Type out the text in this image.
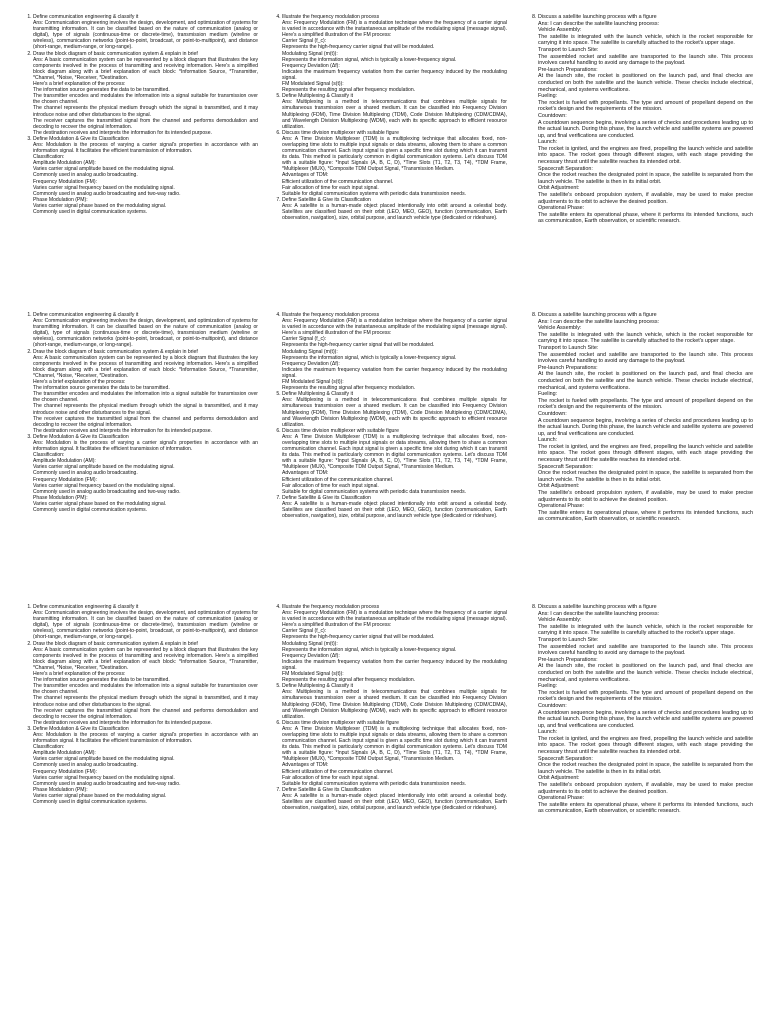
1. Define communication engineering & classify it

Ans: Communication engineering involves the design, development, and optimization of systems for transmitting information. It can be classified based on the nature of communication (analog or digital), type of signals (continuous-time or discrete-time), transmission medium (wireline or wireless), communication networks (point-to-point, broadcast, or point-to-multipoint), and distance (short-range, medium-range, or long-range).

2. Draw the block diagram of basic communication system & explain in brief

Ans: A basic communication system can be represented by a block diagram that illustrates the key components involved in the process of transmitting and receiving information. Here's a simplified block diagram along with a brief explanation of each block: *Information Source, *Transmitter, *Channel, *Noise, *Receiver, *Destination.

Here's a brief explanation of the process:

The information source generates the data to be transmitted.

The transmitter encodes and modulates the information into a signal suitable for transmission over the chosen channel.

The channel represents the physical medium through which the signal is transmitted, and it may introduce noise and other disturbances to the signal.

The receiver captures the transmitted signal from the channel and performs demodulation and decoding to recover the original information.

The destination receives and interprets the information for its intended purpose.

3. Define Modulation & Give its Classification

Ans: Modulation is the process of varying a carrier signal's properties in accordance with an information signal. It facilitates the efficient transmission of information.

Classification:

Amplitude Modulation (AM):

Varies carrier signal amplitude based on the modulating signal.

Commonly used in analog audio broadcasting.

Frequency Modulation (FM):

Varies carrier signal frequency based on the modulating signal.

Commonly used in analog audio broadcasting and two-way radio.

Phase Modulation (PM):

Varies carrier signal phase based on the modulating signal.

Commonly used in digital communication systems.

4. Illustrate the frequency modulation process

Ans: Frequency Modulation (FM) is a modulation technique where the frequency of a carrier signal is varied in accordance with the instantaneous amplitude of the modulating signal (message signal). Here's a simplified illustration of the FM process:

Carrier Signal (f_c):

Represents the high-frequency carrier signal that will be modulated.

Modulating Signal (m(t)):

Represents the information signal, which is typically a lower-frequency signal.

Frequency Deviation (Δf):

Indicates the maximum frequency variation from the carrier frequency induced by the modulating signal.

FM Modulated Signal (s(t)):

Represents the resulting signal after frequency modulation.

5. Define Multiplexing & Classify it

Ans: Multiplexing is a method in telecommunications that combines multiple signals for simultaneous transmission over a shared medium. It can be classified into Frequency Division Multiplexing (FDM), Time Division Multiplexing (TDM), Code Division Multiplexing (CDM/CDMA), and Wavelength Division Multiplexing (WDM), each with its specific approach to efficient resource utilization.

6. Discuss time division multiplexer with suitable figure

Ans: A Time Division Multiplexer (TDM) is a multiplexing technique that allocates fixed, non-overlapping time slots to multiple input signals or data streams, allowing them to share a common communication channel. Each input signal is given a specific time slot during which it can transmit its data. This method is particularly common in digital communication systems. Let's discuss TDM with a suitable figure: *Input Signals (A, B, C, D), *Time Slots (T1, T2, T3, T4), *TDM Frame, *Multiplexer (MUX), *Composite TDM Output Signal, *Transmission Medium.

Advantages of TDM:

Efficient utilization of the communication channel.

Fair allocation of time for each input signal.

Suitable for digital communication systems with periodic data transmission needs.

7. Define Satellite & Give its Classification

Ans: A satellite is a human-made object placed intentionally into orbit around a celestial body. Satellites are classified based on their orbit (LEO, MEO, GEO), function (communication, Earth observation, navigation), size, orbital purpose, and launch vehicle type (dedicated or rideshare).

8. Discuss a satellite launching process with a figure

Ans: I can describe the satellite launching process:

Vehicle Assembly:

The satellite is integrated with the launch vehicle, which is the rocket responsible for carrying it into space. The satellite is carefully attached to the rocket's upper stage.

Transport to Launch Site:

The assembled rocket and satellite are transported to the launch site. This process involves careful handling to avoid any damage to the payload.

Pre-launch Preparations:

At the launch site, the rocket is positioned on the launch pad, and final checks are conducted on both the satellite and the launch vehicle. These checks include electrical, mechanical, and systems verifications.

Fueling:

The rocket is fueled with propellants. The type and amount of propellant depend on the rocket's design and the requirements of the mission.

Countdown:

A countdown sequence begins, involving a series of checks and procedures leading up to the actual launch. During this phase, the launch vehicle and satellite systems are powered up, and final verifications are conducted.

Launch:

The rocket is ignited, and the engines are fired, propelling the launch vehicle and satellite into space. The rocket goes through different stages, with each stage providing the necessary thrust until the satellite reaches its intended orbit.

Spacecraft Separation:

Once the rocket reaches the designated point in space, the satellite is separated from the launch vehicle. The satellite is then in its initial orbit.

Orbit Adjustment:

The satellite's onboard propulsion system, if available, may be used to make precise adjustments to its orbit to achieve the desired position.

Operational Phase:

The satellite enters its operational phase, where it performs its intended functions, such as communication, Earth observation, or scientific research.

1. Define communication engineering & classify it

Ans: Communication engineering involves the design, development, and optimization of systems for transmitting information. It can be classified based on the nature of communication (analog or digital), type of signals (continuous-time or discrete-time), transmission medium (wireline or wireless), communication networks (point-to-point, broadcast, or point-to-multipoint), and distance (short-range, medium-range, or long-range).

2. Draw the block diagram of basic communication system & explain in brief

Ans: A basic communication system can be represented by a block diagram that illustrates the key components involved in the process of transmitting and receiving information. Here's a simplified block diagram along with a brief explanation of each block: *Information Source, *Transmitter, *Channel, *Noise, *Receiver, *Destination.

Here's a brief explanation of the process:

The information source generates the data to be transmitted.

The transmitter encodes and modulates the information into a signal suitable for transmission over the chosen channel.

The channel represents the physical medium through which the signal is transmitted, and it may introduce noise and other disturbances to the signal.

The receiver captures the transmitted signal from the channel and performs demodulation and decoding to recover the original information.

The destination receives and interprets the information for its intended purpose.

3. Define Modulation & Give its Classification

Ans: Modulation is the process of varying a carrier signal's properties in accordance with an information signal. It facilitates the efficient transmission of information.

Classification:

Amplitude Modulation (AM):

Varies carrier signal amplitude based on the modulating signal.

Commonly used in analog audio broadcasting.

Frequency Modulation (FM):

Varies carrier signal frequency based on the modulating signal.

Commonly used in analog audio broadcasting and two-way radio.

Phase Modulation (PM):

Varies carrier signal phase based on the modulating signal.

Commonly used in digital communication systems.

4. Illustrate the frequency modulation process

Ans: Frequency Modulation (FM) is a modulation technique where the frequency of a carrier signal is varied in accordance with the instantaneous amplitude of the modulating signal (message signal). Here's a simplified illustration of the FM process:

Carrier Signal (f_c):

Represents the high-frequency carrier signal that will be modulated.

Modulating Signal (m(t)):

Represents the information signal, which is typically a lower-frequency signal.

Frequency Deviation (Δf):

Indicates the maximum frequency variation from the carrier frequency induced by the modulating signal.

FM Modulated Signal (s(t)):

Represents the resulting signal after frequency modulation.

5. Define Multiplexing & Classify it

Ans: Multiplexing is a method in telecommunications that combines multiple signals for simultaneous transmission over a shared medium. It can be classified into Frequency Division Multiplexing (FDM), Time Division Multiplexing (TDM), Code Division Multiplexing (CDM/CDMA), and Wavelength Division Multiplexing (WDM), each with its specific approach to efficient resource utilization.

6. Discuss time division multiplexer with suitable figure

Ans: A Time Division Multiplexer (TDM) is a multiplexing technique that allocates fixed, non-overlapping time slots to multiple input signals or data streams, allowing them to share a common communication channel. Each input signal is given a specific time slot during which it can transmit its data. This method is particularly common in digital communication systems. Let's discuss TDM with a suitable figure: *Input Signals (A, B, C, D), *Time Slots (T1, T2, T3, T4), *TDM Frame, *Multiplexer (MUX), *Composite TDM Output Signal, *Transmission Medium.

Advantages of TDM:

Efficient utilization of the communication channel.

Fair allocation of time for each input signal.

Suitable for digital communication systems with periodic data transmission needs.

7. Define Satellite & Give its Classification

Ans: A satellite is a human-made object placed intentionally into orbit around a celestial body. Satellites are classified based on their orbit (LEO, MEO, GEO), function (communication, Earth observation, navigation), size, orbital purpose, and launch vehicle type (dedicated or rideshare).

8. Discuss a satellite launching process with a figure

Ans: I can describe the satellite launching process:

Vehicle Assembly:

The satellite is integrated with the launch vehicle, which is the rocket responsible for carrying it into space. The satellite is carefully attached to the rocket's upper stage.

Transport to Launch Site:

The assembled rocket and satellite are transported to the launch site. This process involves careful handling to avoid any damage to the payload.

Pre-launch Preparations:

At the launch site, the rocket is positioned on the launch pad, and final checks are conducted on both the satellite and the launch vehicle. These checks include electrical, mechanical, and systems verifications.

Fueling:

The rocket is fueled with propellants. The type and amount of propellant depend on the rocket's design and the requirements of the mission.

Countdown:

A countdown sequence begins, involving a series of checks and procedures leading up to the actual launch. During this phase, the launch vehicle and satellite systems are powered up, and final verifications are conducted.

Launch:

The rocket is ignited, and the engines are fired, propelling the launch vehicle and satellite into space. The rocket goes through different stages, with each stage providing the necessary thrust until the satellite reaches its intended orbit.

Spacecraft Separation:

Once the rocket reaches the designated point in space, the satellite is separated from the launch vehicle. The satellite is then in its initial orbit.

Orbit Adjustment:

The satellite's onboard propulsion system, if available, may be used to make precise adjustments to its orbit to achieve the desired position.

Operational Phase:

The satellite enters its operational phase, where it performs its intended functions, such as communication, Earth observation, or scientific research.

1. Define communication engineering & classify it

Ans: Communication engineering involves the design, development, and optimization of systems for transmitting information. It can be classified based on the nature of communication (analog or digital), type of signals (continuous-time or discrete-time), transmission medium (wireline or wireless), communication networks (point-to-point, broadcast, or point-to-multipoint), and distance (short-range, medium-range, or long-range).

2. Draw the block diagram of basic communication system & explain in brief

Ans: A basic communication system can be represented by a block diagram that illustrates the key components involved in the process of transmitting and receiving information. Here's a simplified block diagram along with a brief explanation of each block: *Information Source, *Transmitter, *Channel, *Noise, *Receiver, *Destination.

Here's a brief explanation of the process:

The information source generates the data to be transmitted.

The transmitter encodes and modulates the information into a signal suitable for transmission over the chosen channel.

The channel represents the physical medium through which the signal is transmitted, and it may introduce noise and other disturbances to the signal.

The receiver captures the transmitted signal from the channel and performs demodulation and decoding to recover the original information.

The destination receives and interprets the information for its intended purpose.

3. Define Modulation & Give its Classification

Ans: Modulation is the process of varying a carrier signal's properties in accordance with an information signal. It facilitates the efficient transmission of information.

Classification:

Amplitude Modulation (AM):

Varies carrier signal amplitude based on the modulating signal.

Commonly used in analog audio broadcasting.

Frequency Modulation (FM):

Varies carrier signal frequency based on the modulating signal.

Commonly used in analog audio broadcasting and two-way radio.

Phase Modulation (PM):

Varies carrier signal phase based on the modulating signal.

Commonly used in digital communication systems.

4. Illustrate the frequency modulation process

Ans: Frequency Modulation (FM) is a modulation technique where the frequency of a carrier signal is varied in accordance with the instantaneous amplitude of the modulating signal (message signal). Here's a simplified illustration of the FM process:

Carrier Signal (f_c):

Represents the high-frequency carrier signal that will be modulated.

Modulating Signal (m(t)):

Represents the information signal, which is typically a lower-frequency signal.

Frequency Deviation (Δf):

Indicates the maximum frequency variation from the carrier frequency induced by the modulating signal.

FM Modulated Signal (s(t)):

Represents the resulting signal after frequency modulation.

5. Define Multiplexing & Classify it

Ans: Multiplexing is a method in telecommunications that combines multiple signals for simultaneous transmission over a shared medium. It can be classified into Frequency Division Multiplexing (FDM), Time Division Multiplexing (TDM), Code Division Multiplexing (CDM/CDMA), and Wavelength Division Multiplexing (WDM), each with its specific approach to efficient resource utilization.

6. Discuss time division multiplexer with suitable figure

Ans: A Time Division Multiplexer (TDM) is a multiplexing technique that allocates fixed, non-overlapping time slots to multiple input signals or data streams, allowing them to share a common communication channel. Each input signal is given a specific time slot during which it can transmit its data. This method is particularly common in digital communication systems. Let's discuss TDM with a suitable figure: *Input Signals (A, B, C, D), *Time Slots (T1, T2, T3, T4), *TDM Frame, *Multiplexer (MUX), *Composite TDM Output Signal, *Transmission Medium.

Advantages of TDM:

Efficient utilization of the communication channel.

Fair allocation of time for each input signal.

Suitable for digital communication systems with periodic data transmission needs.

7. Define Satellite & Give its Classification

Ans: A satellite is a human-made object placed intentionally into orbit around a celestial body. Satellites are classified based on their orbit (LEO, MEO, GEO), function (communication, Earth observation, navigation), size, orbital purpose, and launch vehicle type (dedicated or rideshare).

8. Discuss a satellite launching process with a figure

Ans: I can describe the satellite launching process:

Vehicle Assembly:

The satellite is integrated with the launch vehicle, which is the rocket responsible for carrying it into space. The satellite is carefully attached to the rocket's upper stage.

Transport to Launch Site:

The assembled rocket and satellite are transported to the launch site. This process involves careful handling to avoid any damage to the payload.

Pre-launch Preparations:

At the launch site, the rocket is positioned on the launch pad, and final checks are conducted on both the satellite and the launch vehicle. These checks include electrical, mechanical, and systems verifications.

Fueling:

The rocket is fueled with propellants. The type and amount of propellant depend on the rocket's design and the requirements of the mission.

Countdown:

A countdown sequence begins, involving a series of checks and procedures leading up to the actual launch. During this phase, the launch vehicle and satellite systems are powered up, and final verifications are conducted.

Launch:

The rocket is ignited, and the engines are fired, propelling the launch vehicle and satellite into space. The rocket goes through different stages, with each stage providing the necessary thrust until the satellite reaches its intended orbit.

Spacecraft Separation:

Once the rocket reaches the designated point in space, the satellite is separated from the launch vehicle. The satellite is then in its initial orbit.

Orbit Adjustment:

The satellite's onboard propulsion system, if available, may be used to make precise adjustments to its orbit to achieve the desired position.

Operational Phase:

The satellite enters its operational phase, where it performs its intended functions, such as communication, Earth observation, or scientific research.
